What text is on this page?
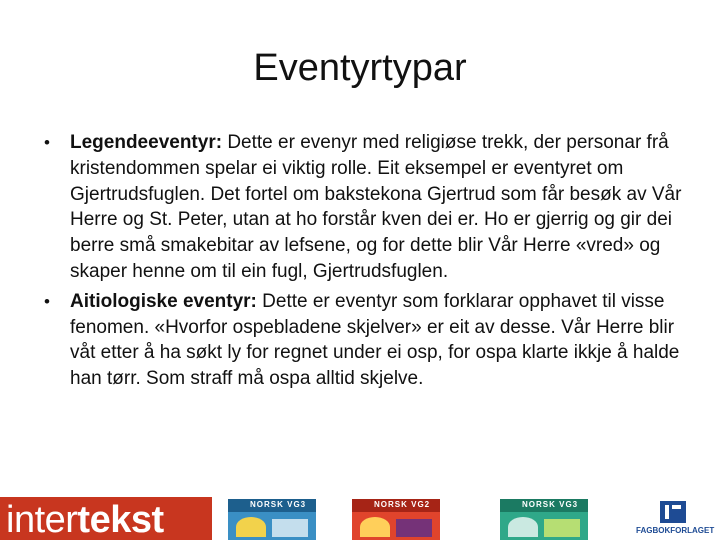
Eventyrtypar
• Legendeeventyr: Dette er evenyr med religiøse trekk, der personar frå kristendommen spelar ei viktig rolle. Eit eksempel er eventyret om Gjertrudsfuglen. Det fortel om bakstekona Gjertrud som får besøk av Vår Herre og St. Peter, utan at ho forstår kven dei er. Ho er gjerrig og gir dei berre små smakebitar av lefsene, og for dette blir Vår Herre «vred» og skaper henne om til ein fugl, Gjertrudsfuglen.
• Aitiologiske eventyr: Dette er eventyr som forklarar opphavet til visse fenomen. «Hvorfor ospebladene skjelver» er eit av desse. Vår Herre blir våt etter å ha søkt ly for regnet under ei osp, for ospa klarte ikkje å halde han tørr. Som straff må ospa alltid skjelve.
intertekst	NORSK VG3	NORSK VG2	NORSK VG3
FAGBOKFORLAGET
